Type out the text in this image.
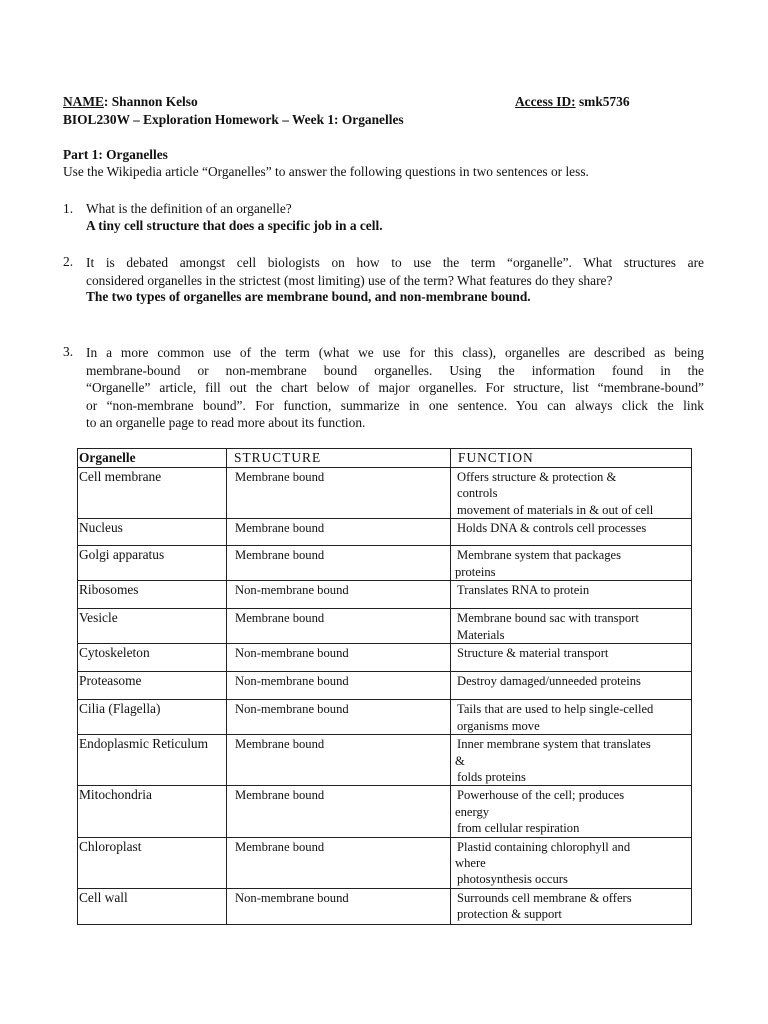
NAME: Shannon Kelso	Access ID: smk5736
BIOL230W – Exploration Homework – Week 1: Organelles
Part 1: Organelles
Use the Wikipedia article “Organelles” to answer the following questions in two sentences or less.
1. What is the definition of an organelle?
A tiny cell structure that does a specific job in a cell.
2. It is debated amongst cell biologists on how to use the term “organelle”. What structures are
considered organelles in the strictest (most limiting) use of the term? What features do they share?
The two types of organelles are membrane bound, and non-membrane bound.
3. In a more common use of the term (what we use for this class), organelles are described as being
membrane-bound or non-membrane bound organelles. Using the information found in the
“Organelle” article, fill out the chart below of major organelles. For structure, list “membrane-bound”
or “non-membrane bound”. For function, summarize in one sentence. You can always click the link
to an organelle page to read more about its function.
Organelle	STRUCTURE	FUNCTION
Cell membrane	Membrane bound	Offers structure & protection &
controls
movement of materials in & out of cell

Nucleus	Membrane bound	Holds DNA & controls cell processes

Golgi apparatus	Membrane bound	Membrane system that packages
proteins

Ribosomes	Non-membrane bound	Translates RNA to protein

Vesicle	Membrane bound	Membrane bound sac with transport
Materials

Cytoskeleton	Non-membrane bound	Structure & material transport

Proteasome	Non-membrane bound	Destroy damaged/unneeded proteins

Cilia (Flagella)	Non-membrane bound	Tails that are used to help single-celled
organisms move

Endoplasmic Reticulum	Membrane bound	Inner membrane system that translates
&
folds proteins

Mitochondria	Membrane bound	Powerhouse of the cell; produces
energy
from cellular respiration

Chloroplast	Membrane bound	Plastid containing chlorophyll and
where
photosynthesis occurs

Cell wall	Non-membrane bound	Surrounds cell membrane & offers
protection & support
